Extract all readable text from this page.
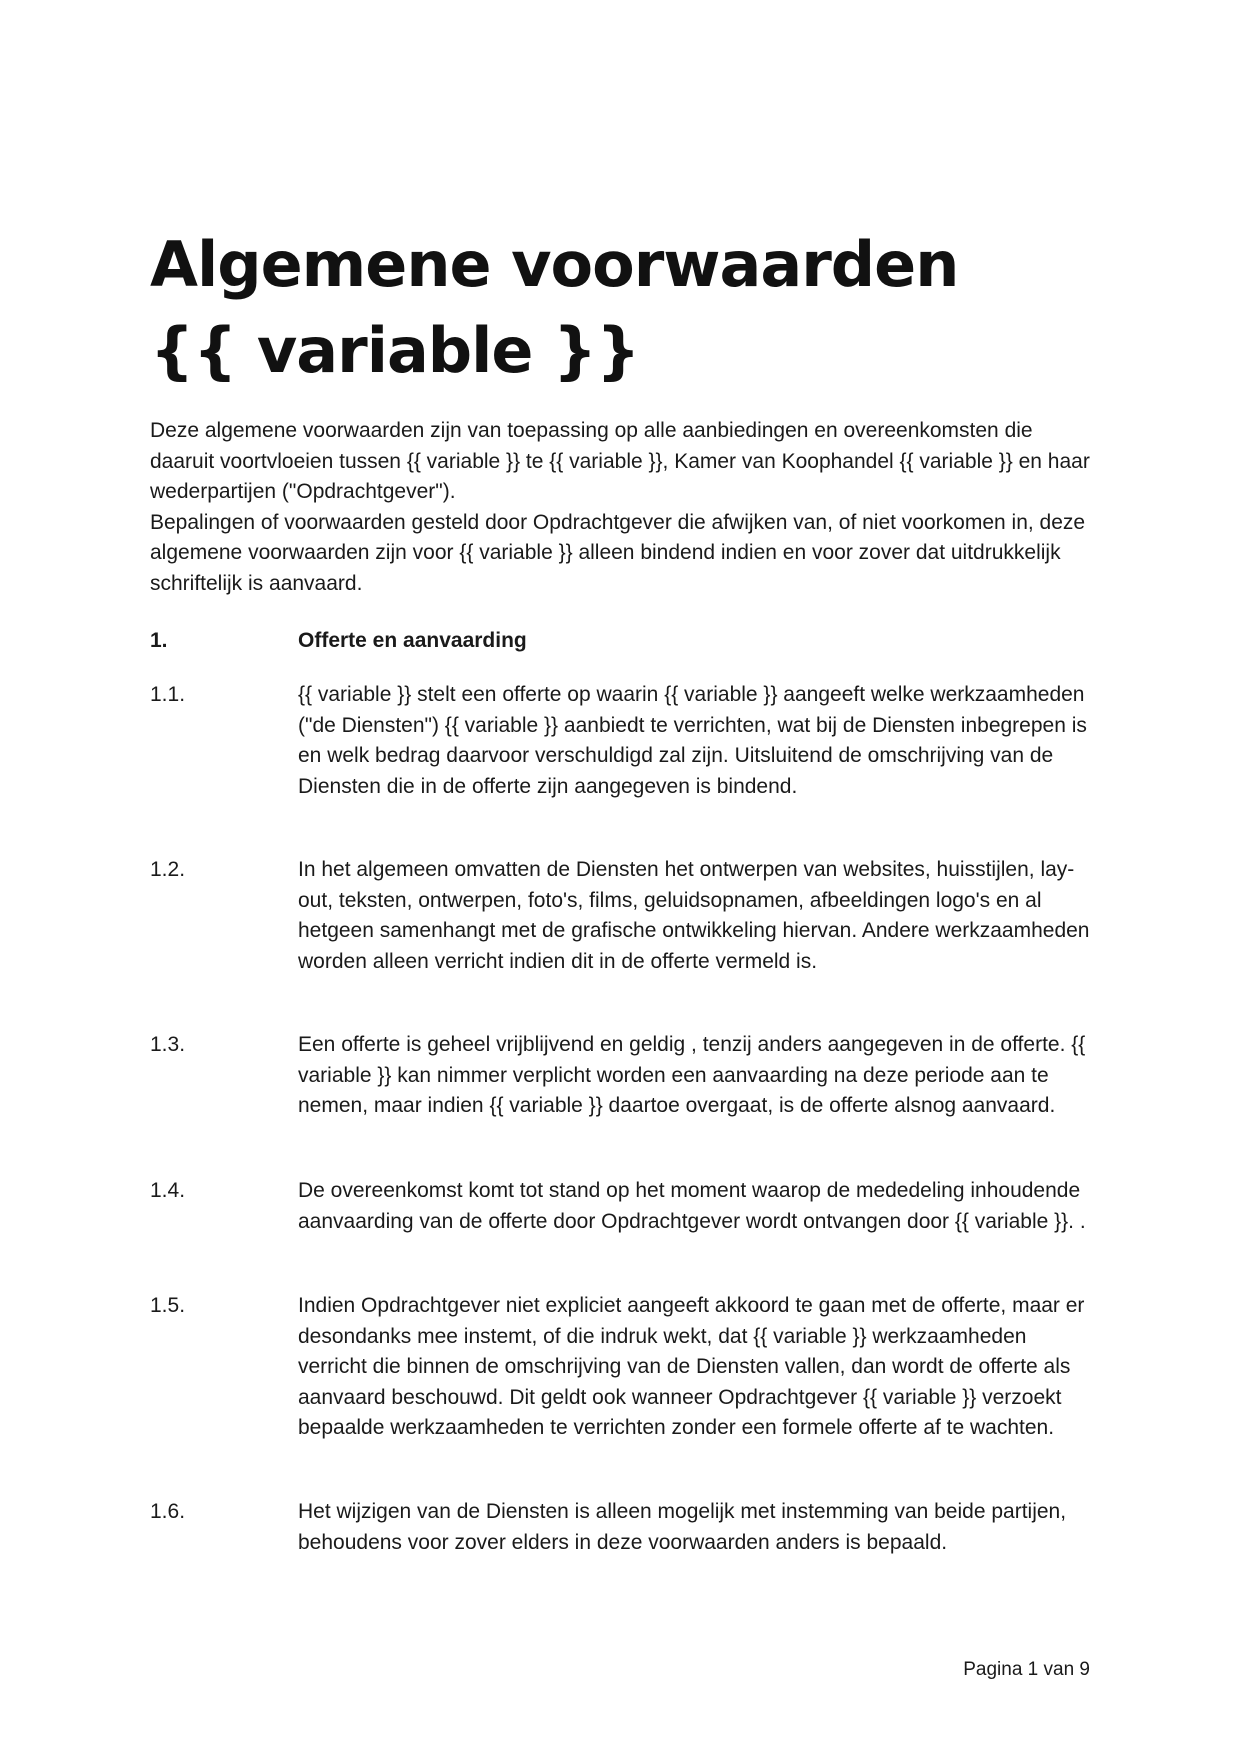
Algemene voorwaarden
{{ variable }}

Deze algemene voorwaarden zijn van toepassing op alle aanbiedingen en overeenkomsten die daaruit voortvloeien tussen {{ variable }} te {{ variable }}, Kamer van Koophandel {{ variable }} en haar wederpartijen ("Opdrachtgever").

Bepalingen of voorwaarden gesteld door Opdrachtgever die afwijken van, of niet voorkomen in, deze algemene voorwaarden zijn voor {{ variable }} alleen bindend indien en voor zover dat uitdrukkelijk schriftelijk is aanvaard.

1.	Offerte en aanvaarding
1.1.	{{ variable }} stelt een offerte op waarin {{ variable }} aangeeft welke werkzaamheden ("de Diensten") {{ variable }} aanbiedt te verrichten, wat bij de Diensten inbegrepen is en welk bedrag daarvoor verschuldigd zal zijn. Uitsluitend de omschrijving van de Diensten die in de offerte zijn aangegeven is bindend.

1.2.	In het algemeen omvatten de Diensten het ontwerpen van websites, huisstijlen, lay-out, teksten, ontwerpen, foto's, films, geluidsopnamen, afbeeldingen logo's en al hetgeen samenhangt met de grafische ontwikkeling hiervan. Andere werkzaamheden worden alleen verricht indien dit in de offerte vermeld is.

1.3.	Een offerte is geheel vrijblijvend en geldig , tenzij anders aangegeven in de offerte. {{ variable }} kan nimmer verplicht worden een aanvaarding na deze periode aan te nemen, maar indien {{ variable }} daartoe overgaat, is de offerte alsnog aanvaard.

1.4.	De overeenkomst komt tot stand op het moment waarop de mededeling inhoudende aanvaarding van de offerte door Opdrachtgever wordt ontvangen door {{ variable }}. .

1.5.	Indien Opdrachtgever niet expliciet aangeeft akkoord te gaan met de offerte, maar er desondanks mee instemt, of die indruk wekt, dat {{ variable }} werkzaamheden verricht die binnen de omschrijving van de Diensten vallen, dan wordt de offerte als aanvaard beschouwd. Dit geldt ook wanneer Opdrachtgever {{ variable }} verzoekt bepaalde werkzaamheden te verrichten zonder een formele offerte af te wachten.

1.6.	Het wijzigen van de Diensten is alleen mogelijk met instemming van beide partijen, behoudens voor zover elders in deze voorwaarden anders is bepaald.

Pagina 1 van 9
